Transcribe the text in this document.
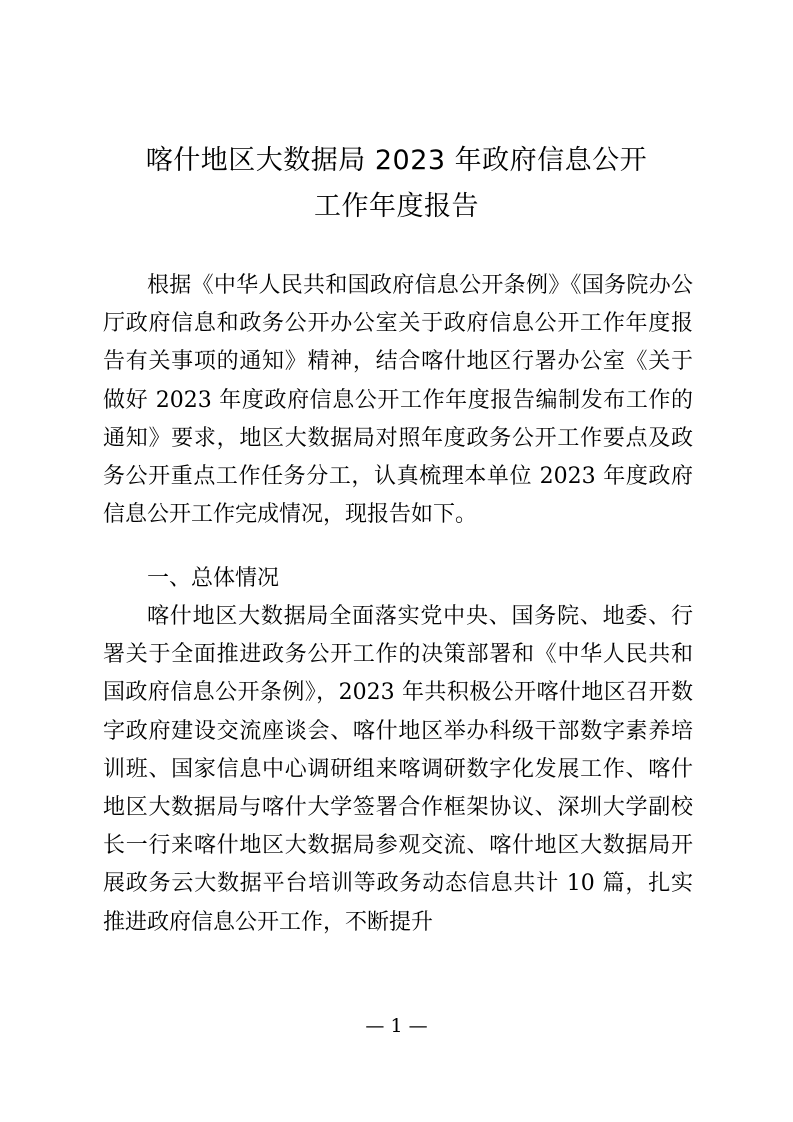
喀什地区大数据局 2023 年政府信息公开
工作年度报告
根据《中华人民共和国政府信息公开条例》《国务院办公厅政府信息和政务公开办公室关于政府信息公开工作年度报告有关事项的通知》精神，结合喀什地区行署办公室《关于做好 2023 年度政府信息公开工作年度报告编制发布工作的通知》要求，地区大数据局对照年度政务公开工作要点及政务公开重点工作任务分工，认真梳理本单位 2023 年度政府信息公开工作完成情况，现报告如下。
一、总体情况
喀什地区大数据局全面落实党中央、国务院、地委、行署关于全面推进政务公开工作的决策部署和《中华人民共和国政府信息公开条例》，2023 年共积极公开喀什地区召开数字政府建设交流座谈会、喀什地区举办科级干部数字素养培训班、国家信息中心调研组来喀调研数字化发展工作、喀什地区大数据局与喀什大学签署合作框架协议、深圳大学副校长一行来喀什地区大数据局参观交流、喀什地区大数据局开展政务云大数据平台培训等政务动态信息共计 10 篇，扎实推进政府信息公开工作，不断提升
— 1 —
